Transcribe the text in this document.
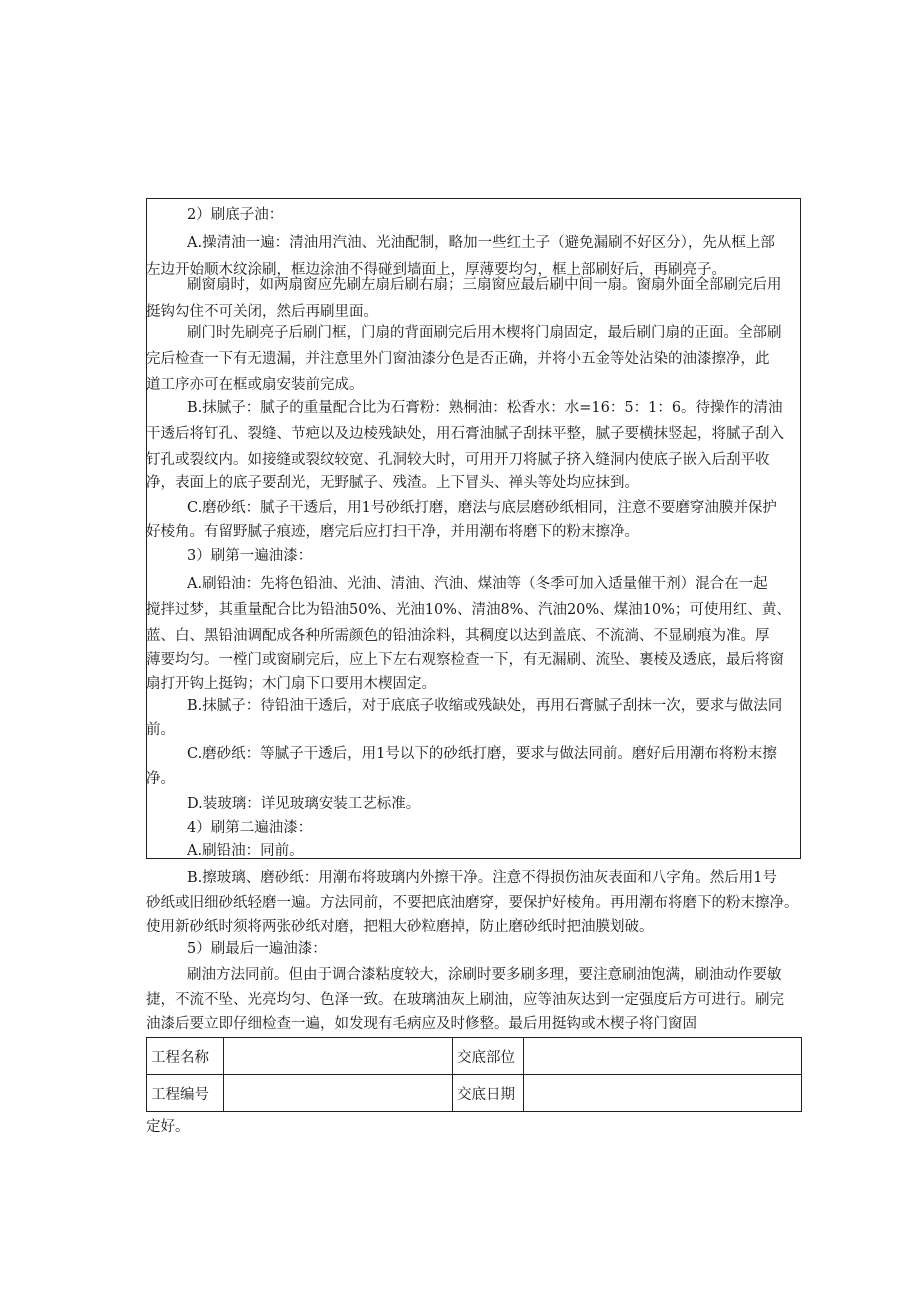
2）刷底子油：
A.操清油一遍：清油用汽油、光油配制，略加一些红土子（避免漏刷不好区分），先从框上部
左边开始顺木纹涂刷，框边涂油不得碰到墙面上，厚薄要均匀，框上部刷好后，再刷亮子。
刷窗扇时，如两扇窗应先刷左扇后刷右扇；三扇窗应最后刷中间一扇。窗扇外面全部刷完后用
挺钩勾住不可关闭，然后再刷里面。
刷门时先刷亮子后刷门框，门扇的背面刷完后用木楔将门扇固定，最后刷门扇的正面。全部刷
完后检查一下有无遗漏，并注意里外门窗油漆分色是否正确，并将小五金等处沾染的油漆擦净，此
道工序亦可在框或扇安装前完成。
B.抹腻子：腻子的重量配合比为石膏粉：熟桐油：松香水：水=16：5：1：6。待操作的清油
干透后将钉孔、裂缝、节疤以及边棱残缺处，用石膏油腻子刮抹平整，腻子要横抹竖起，将腻子刮入
钉孔或裂纹内。如接缝或裂纹较宽、孔洞较大时，可用开刀将腻子挤入缝洞内使底子嵌入后刮平收
净，表面上的底子要刮光，无野腻子、残渣。上下冒头、禅头等处均应抹到。
C.磨砂纸：腻子干透后，用1号砂纸打磨，磨法与底层磨砂纸相同，注意不要磨穿油膜并保护
好棱角。有留野腻子痕迹，磨完后应打扫干净，并用潮布将磨下的粉末擦净。
3）刷第一遍油漆：
A.刷铅油：先将色铅油、光油、清油、汽油、煤油等（冬季可加入适量催干剂）混合在一起
搅拌过梦，其重量配合比为铅油50%、光油10%、清油8%、汽油20%、煤油10%；可使用红、黄、
蓝、白、黑铅油调配成各种所需颜色的铅油涂料，其稠度以达到盖底、不流淌、不显刷痕为准。厚
薄要均匀。一樘门或窗刷完后，应上下左右观察检查一下，有无漏刷、流坠、裹棱及透底，最后将窗
扇打开钩上挺钩；木门扇下口要用木楔固定。
B.抹腻子：待铅油干透后，对于底底子收缩或残缺处，再用石膏腻子刮抹一次，要求与做法同
前。
C.磨砂纸：等腻子干透后，用1号以下的砂纸打磨，要求与做法同前。磨好后用潮布将粉末擦
净。
D.装玻璃：详见玻璃安装工艺标准。
4）刷第二遍油漆：
A.刷铅油：同前。
B.擦玻璃、磨砂纸：用潮布将玻璃内外擦干净。注意不得损伤油灰表面和八字角。然后用1号
砂纸或旧细砂纸轻磨一遍。方法同前，不要把底油磨穿，要保护好棱角。再用潮布将磨下的粉末擦净。
使用新砂纸时须将两张砂纸对磨，把粗大砂粒磨掉，防止磨砂纸时把油膜划破。
5）刷最后一遍油漆：
工程名称		交底部位	
工程编号		交底日期	
刷油方法同前。但由于调合漆粘度较大，涂刷时要多刷多理，要注意刷油饱满，刷油动作要敏
捷，不流不坠、光亮均匀、色泽一致。在玻璃油灰上刷油，应等油灰达到一定强度后方可进行。刷完
油漆后要立即仔细检查一遍，如发现有毛病应及时修整。最后用挺钩或木楔子将门窗固
定好。
